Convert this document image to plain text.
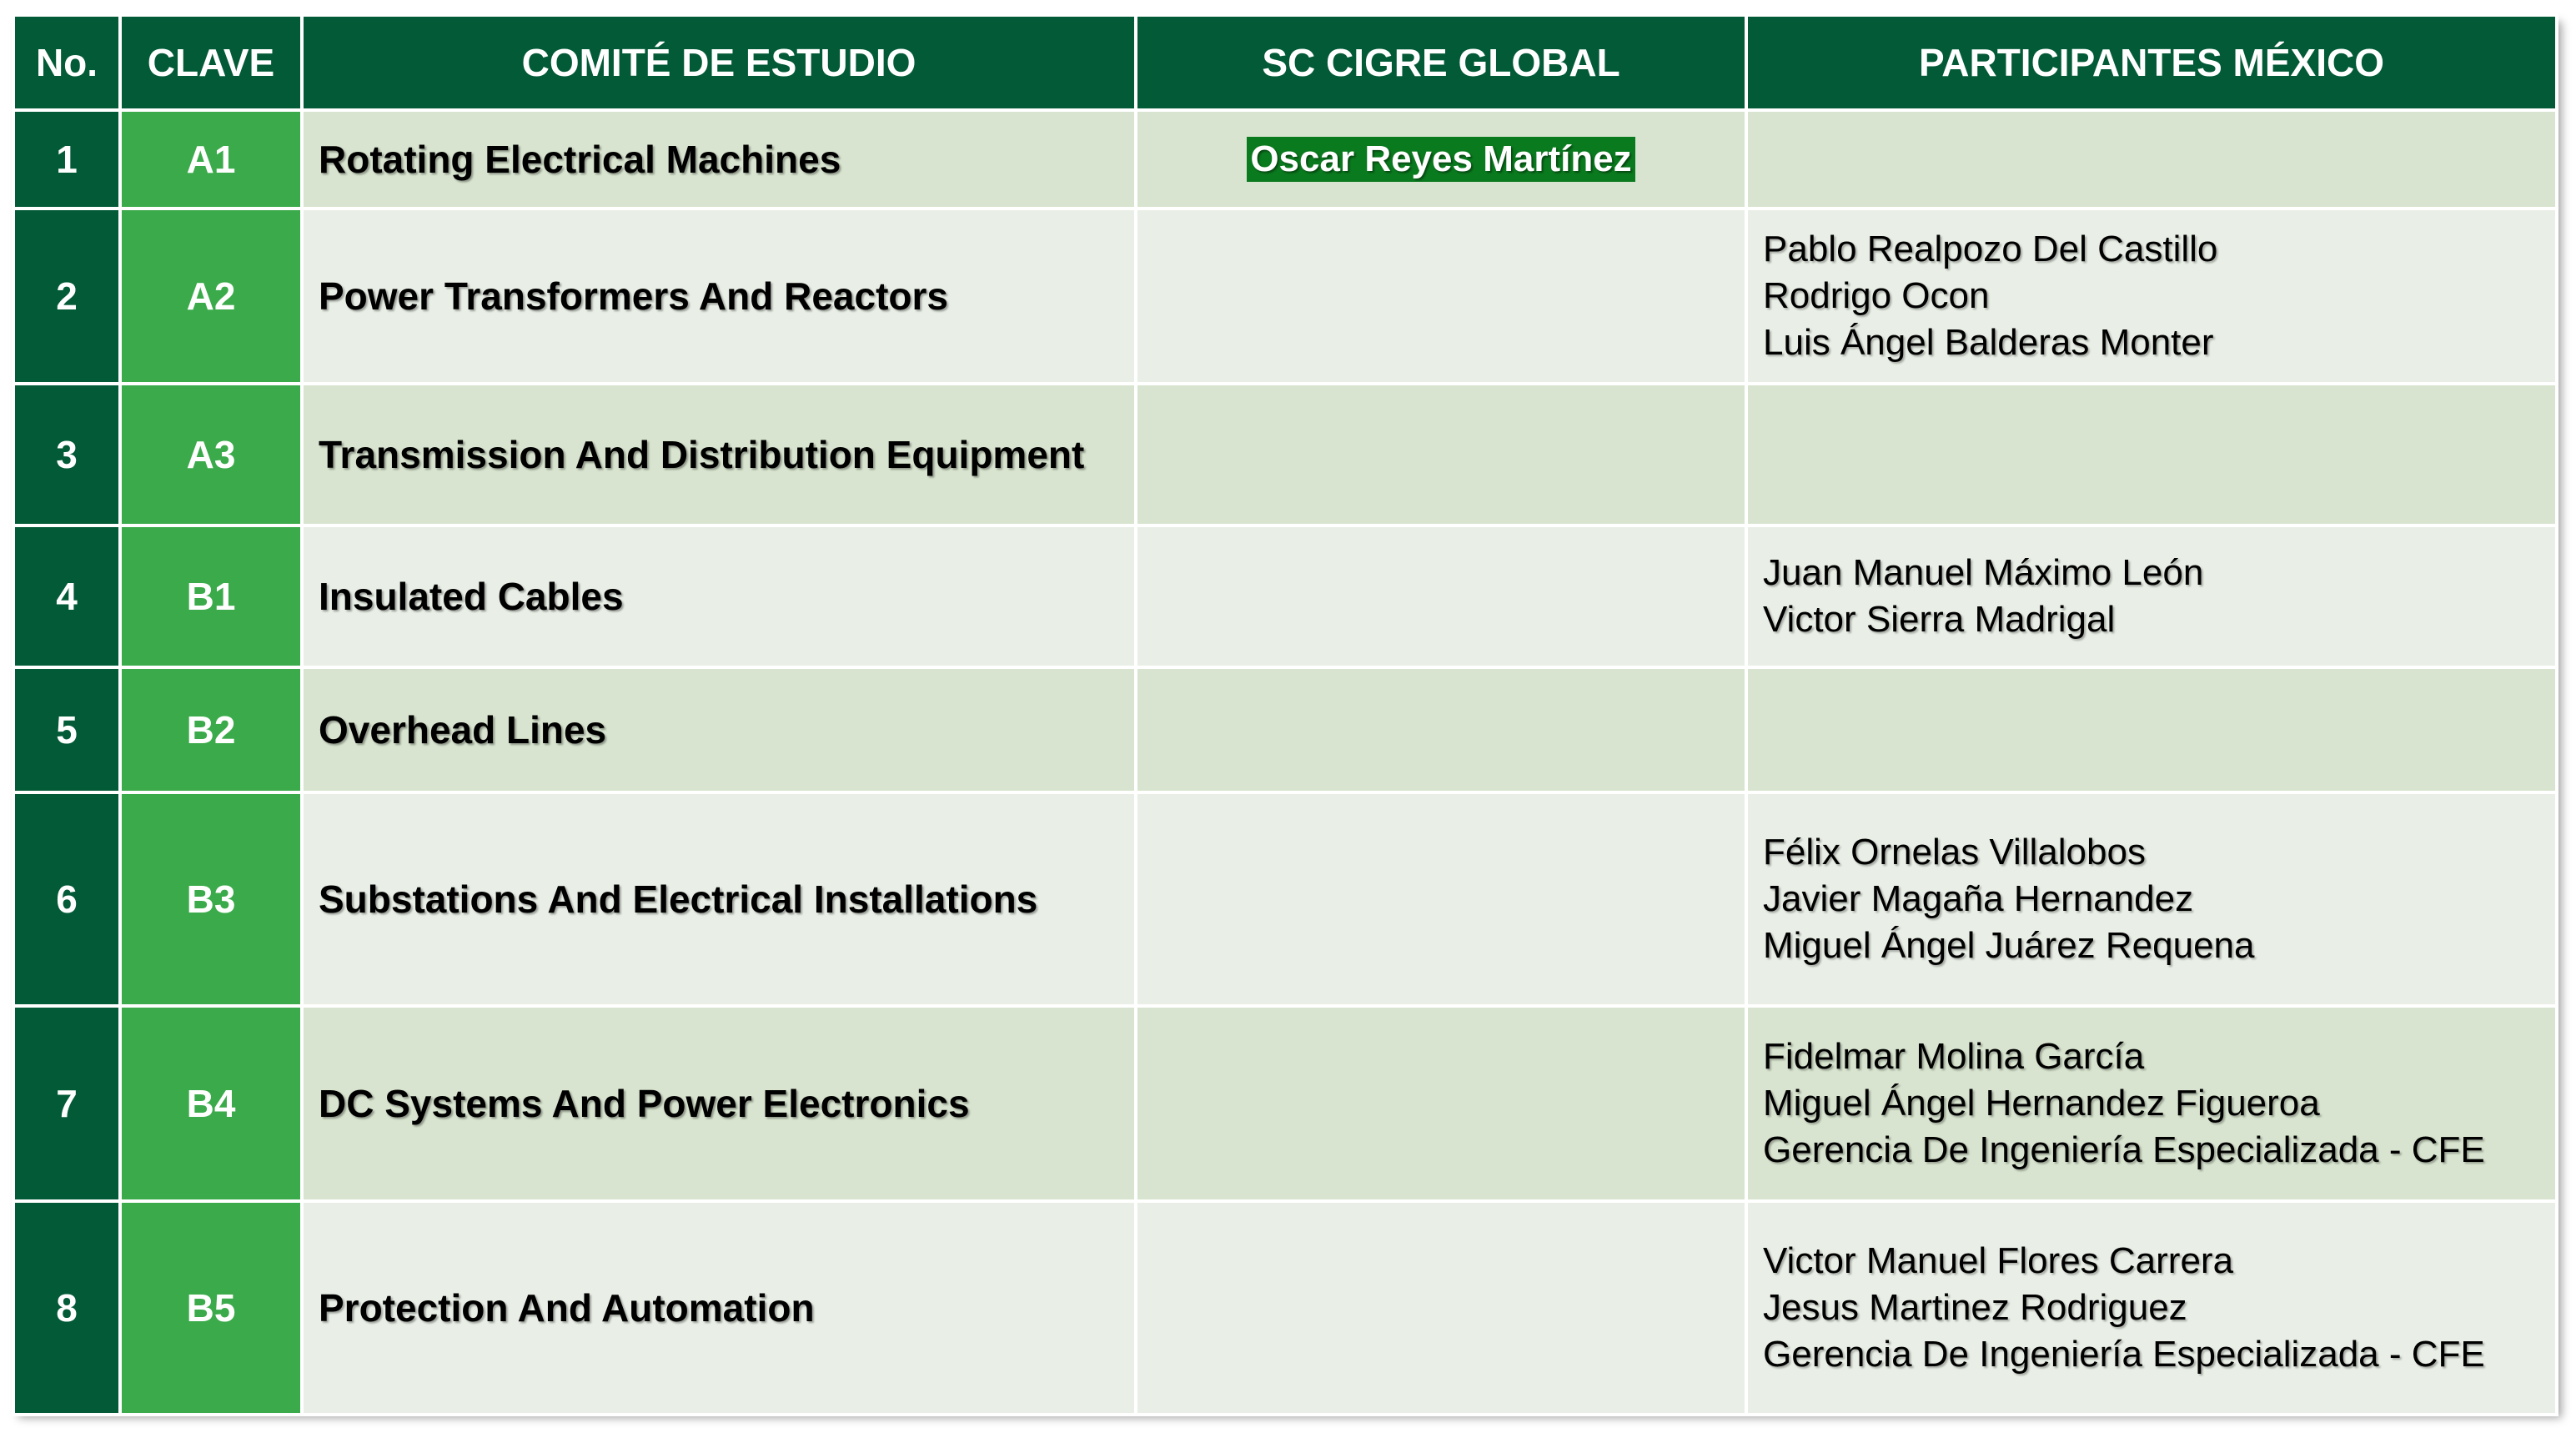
No.	CLAVE	COMITÉ DE ESTUDIO	SC CIGRE GLOBAL	PARTICIPANTES MÉXICO
1	A1	Rotating Electrical Machines	Oscar Reyes Martínez	
2	A2	Power Transformers And Reactors		Pablo Realpozo Del Castillo
Rodrigo Ocon
Luis Ángel Balderas Monter

3	A3	Transmission And Distribution Equipment		
4	B1	Insulated Cables		Juan Manuel Máximo León
Victor Sierra Madrigal

5	B2	Overhead Lines		
6	B3	Substations And Electrical Installations		Félix Ornelas Villalobos
Javier Magaña Hernandez
Miguel Ángel Juárez Requena

7	B4	DC Systems And Power Electronics		Fidelmar Molina García
Miguel Ángel Hernandez Figueroa
Gerencia De Ingeniería Especializada - CFE

8	B5	Protection And Automation		Victor Manuel Flores Carrera
Jesus Martinez Rodriguez
Gerencia De Ingeniería Especializada - CFE
